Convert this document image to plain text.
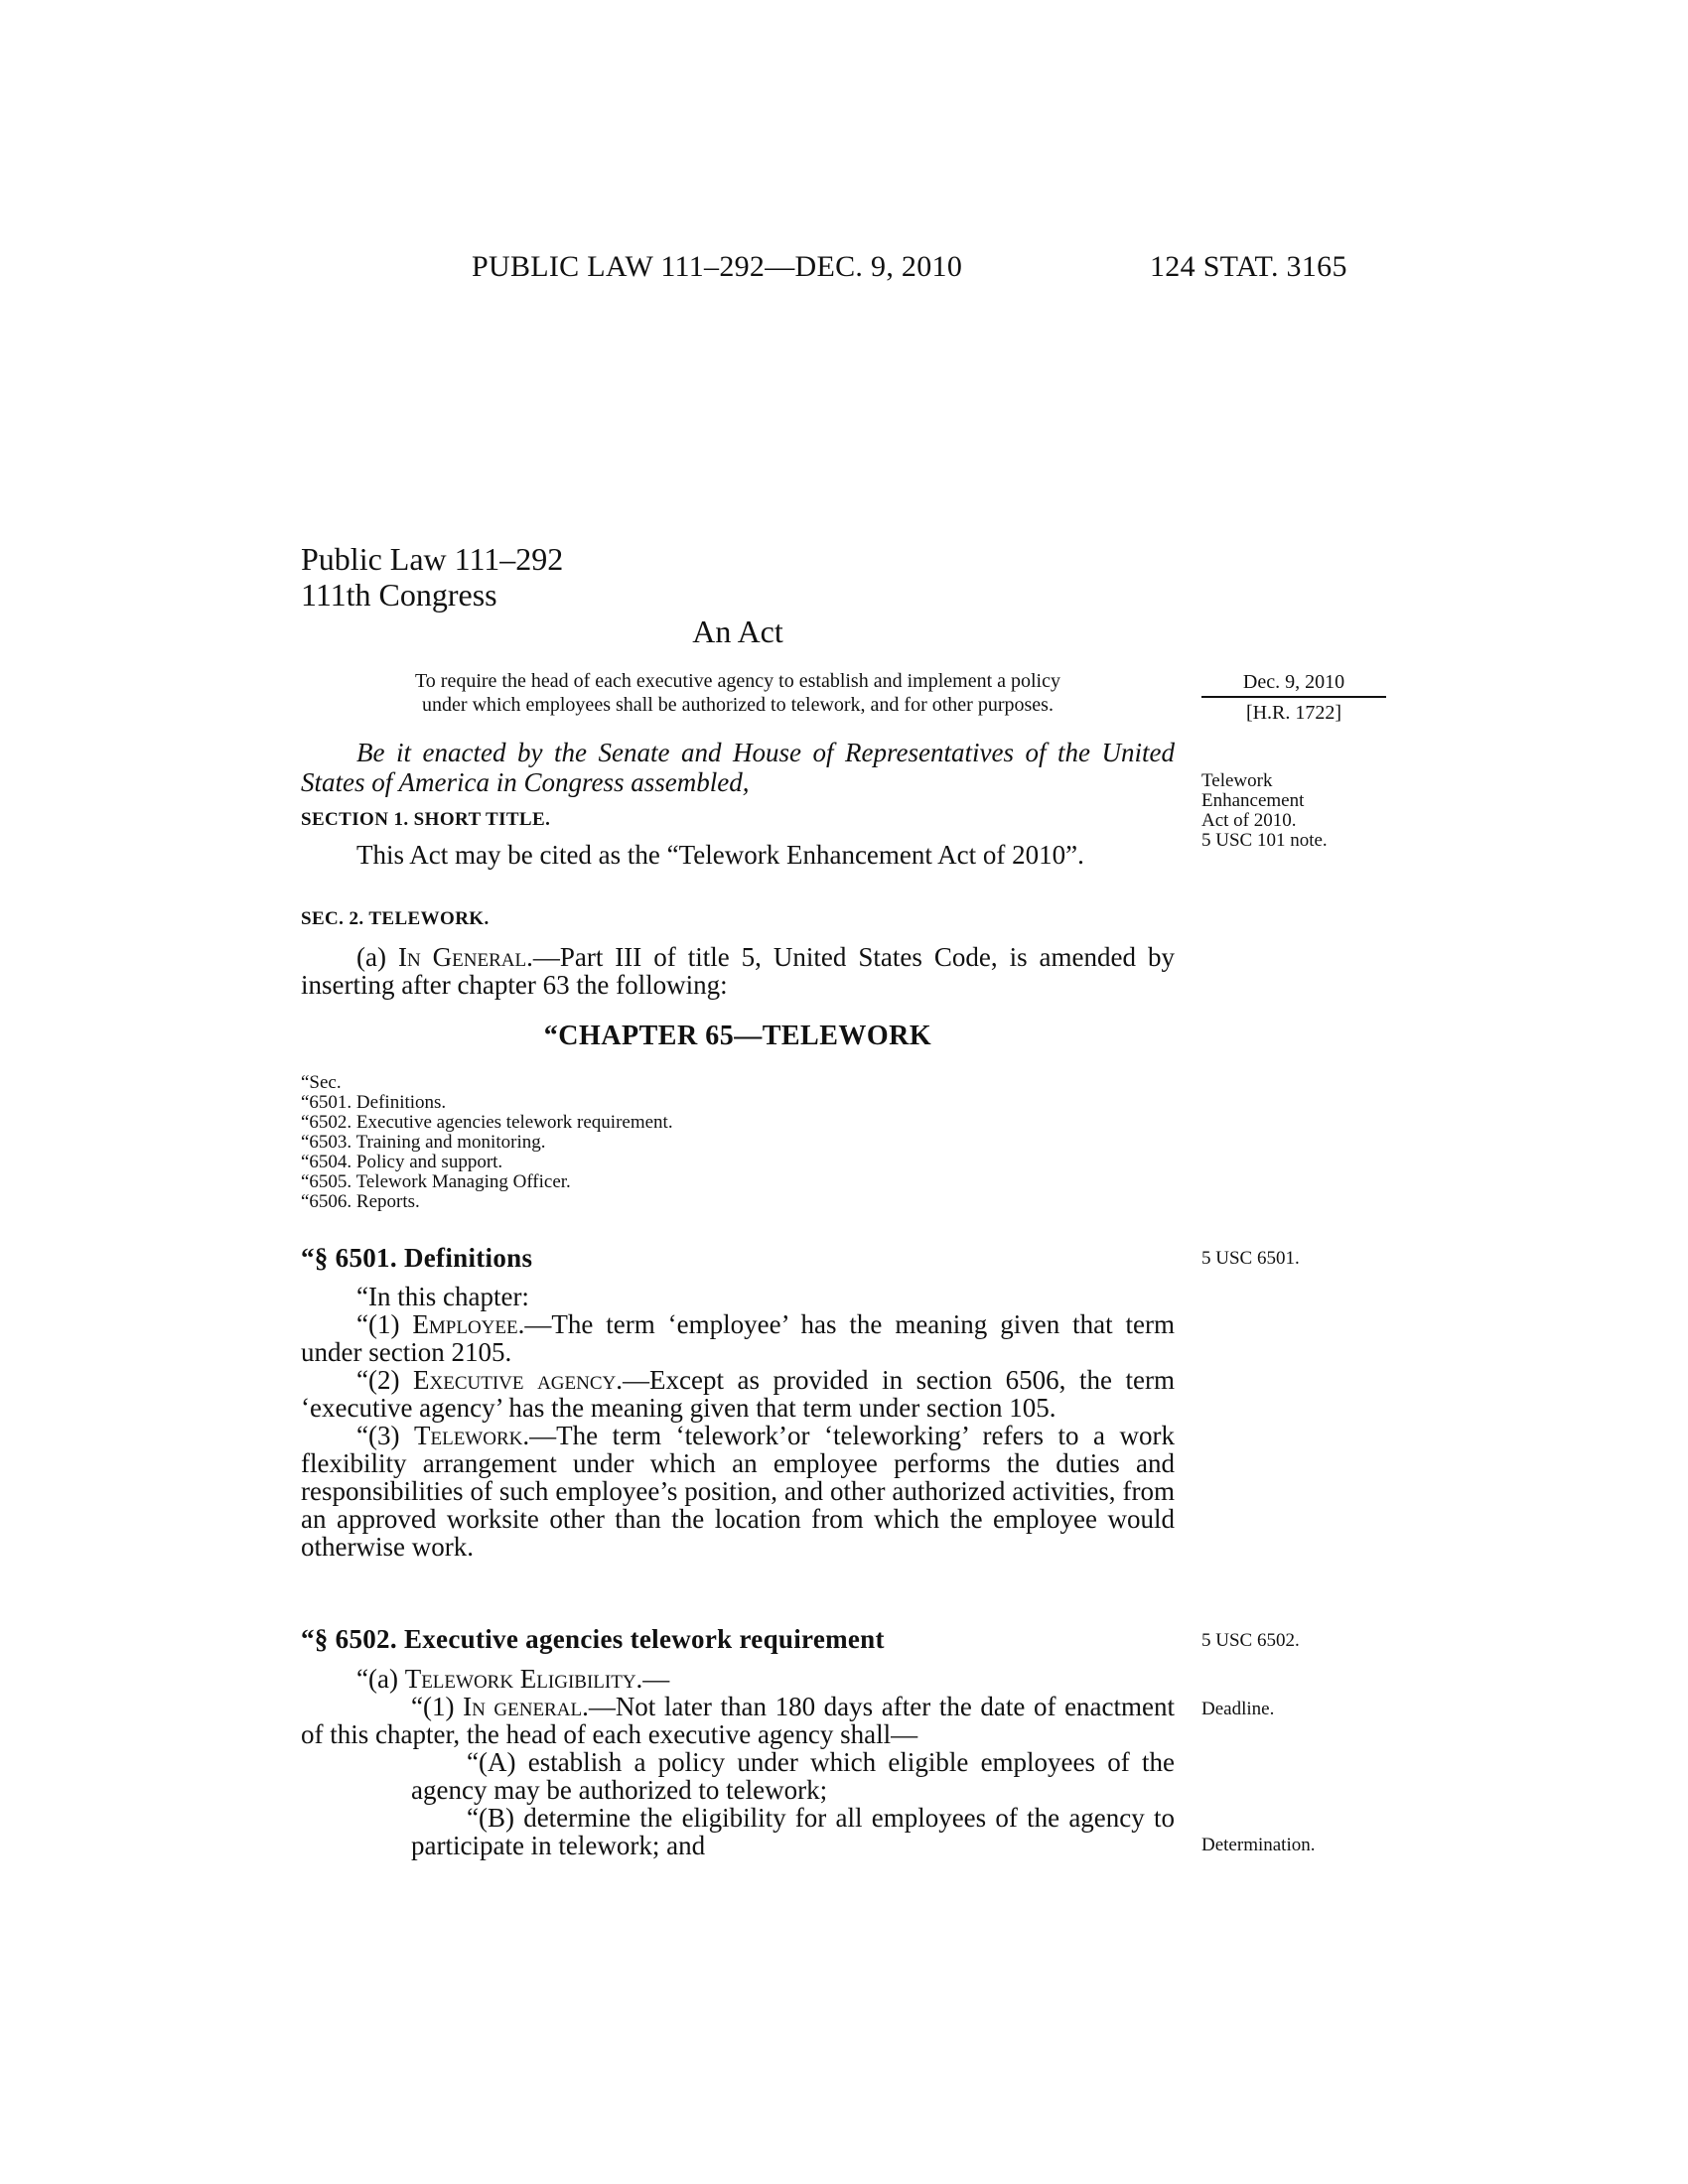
PUBLIC LAW 111–292—DEC. 9, 2010	124 STAT. 3165
Public Law 111–292
111th Congress
An Act
To require the head of each executive agency to establish and implement a policy
under which employees shall be authorized to telework, and for other purposes.
Dec. 9, 2010
[H.R. 1722]
Be it enacted by the Senate and House of Representatives of the United States of America in Congress assembled,
SECTION 1. SHORT TITLE.
This Act may be cited as the “Telework Enhancement Act of 2010”.
Telework
Enhancement
Act of 2010.
5 USC 101 note.
SEC. 2. TELEWORK.
(a) In General.—Part III of title 5, United States Code, is amended by inserting after chapter 63 the following:
“CHAPTER 65—TELEWORK
“Sec.
“6501. Definitions.
“6502. Executive agencies telework requirement.
“6503. Training and monitoring.
“6504. Policy and support.
“6505. Telework Managing Officer.
“6506. Reports.
“§ 6501. Definitions	5 USC 6501.
“In this chapter:
“(1) Employee.—The term ‘employee’ has the meaning given that term under section 2105.
“(2) Executive agency.—Except as provided in section 6506, the term ‘executive agency’ has the meaning given that term under section 105.
“(3) Telework.—The term ‘telework’or ‘teleworking’ refers to a work flexibility arrangement under which an employee performs the duties and responsibilities of such employee’s position, and other authorized activities, from an approved worksite other than the location from which the employee would otherwise work.
“§ 6502. Executive agencies telework requirement	5 USC 6502.
“(a) Telework Eligibility.—
“(1) In general.—Not later than 180 days after the date of enactment of this chapter, the head of each executive agency shall—
“(A) establish a policy under which eligible employees of the agency may be authorized to telework;
“(B) determine the eligibility for all employees of the agency to participate in telework; and
Deadline.
Determination.
